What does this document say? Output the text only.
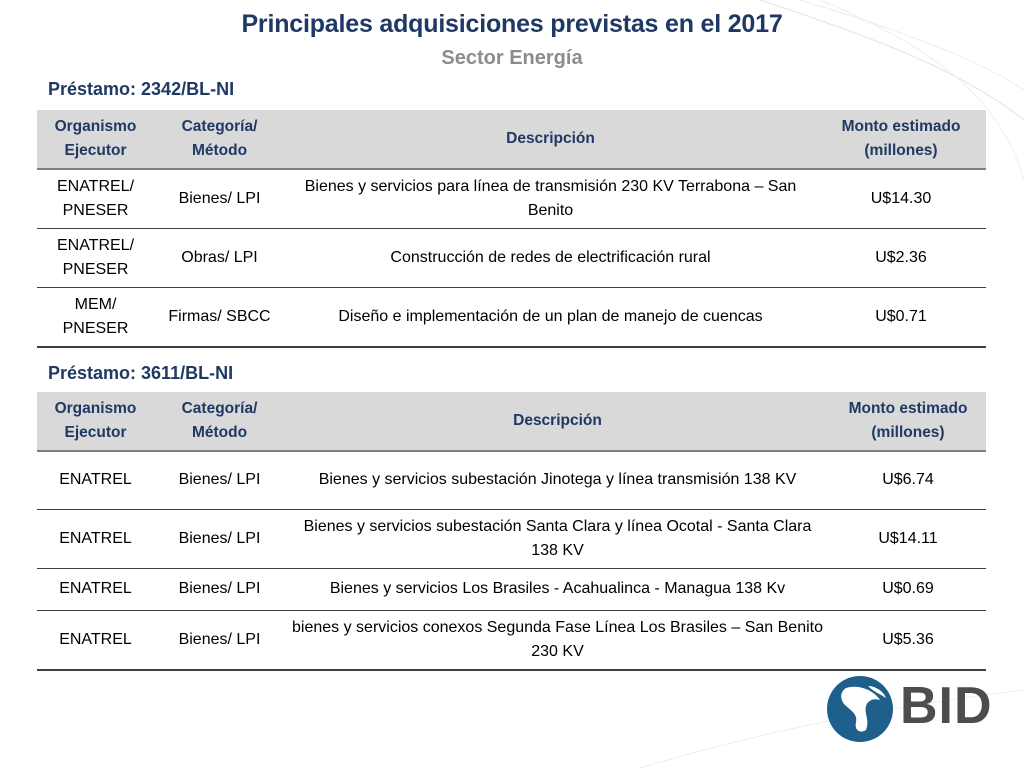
Principales adquisiciones previstas en el 2017
Sector Energía
Préstamo: 2342/BL-NI
Organismo Ejecutor	Categoría/ Método	Descripción	Monto estimado (millones)
ENATREL/ PNESER	Bienes/ LPI	Bienes y servicios para línea de transmisión 230 KV Terrabona – San Benito	U$14.30
ENATREL/ PNESER	Obras/ LPI	Construcción de redes de electrificación rural	U$2.36
MEM/ PNESER	Firmas/ SBCC	Diseño e implementación de un plan de manejo de cuencas	U$0.71
Préstamo: 3611/BL-NI
Organismo Ejecutor	Categoría/ Método	Descripción	Monto estimado (millones)
ENATREL	Bienes/ LPI	Bienes y servicios subestación Jinotega y línea transmisión 138 KV	U$6.74
ENATREL	Bienes/ LPI	Bienes y servicios subestación Santa Clara y línea Ocotal - Santa Clara 138 KV	U$14.11
ENATREL	Bienes/ LPI	Bienes y servicios Los Brasiles - Acahualinca - Managua 138 Kv	U$0.69
ENATREL	Bienes/ LPI	bienes y servicios conexos Segunda Fase Línea Los Brasiles – San Benito 230 KV	U$5.36
BID
